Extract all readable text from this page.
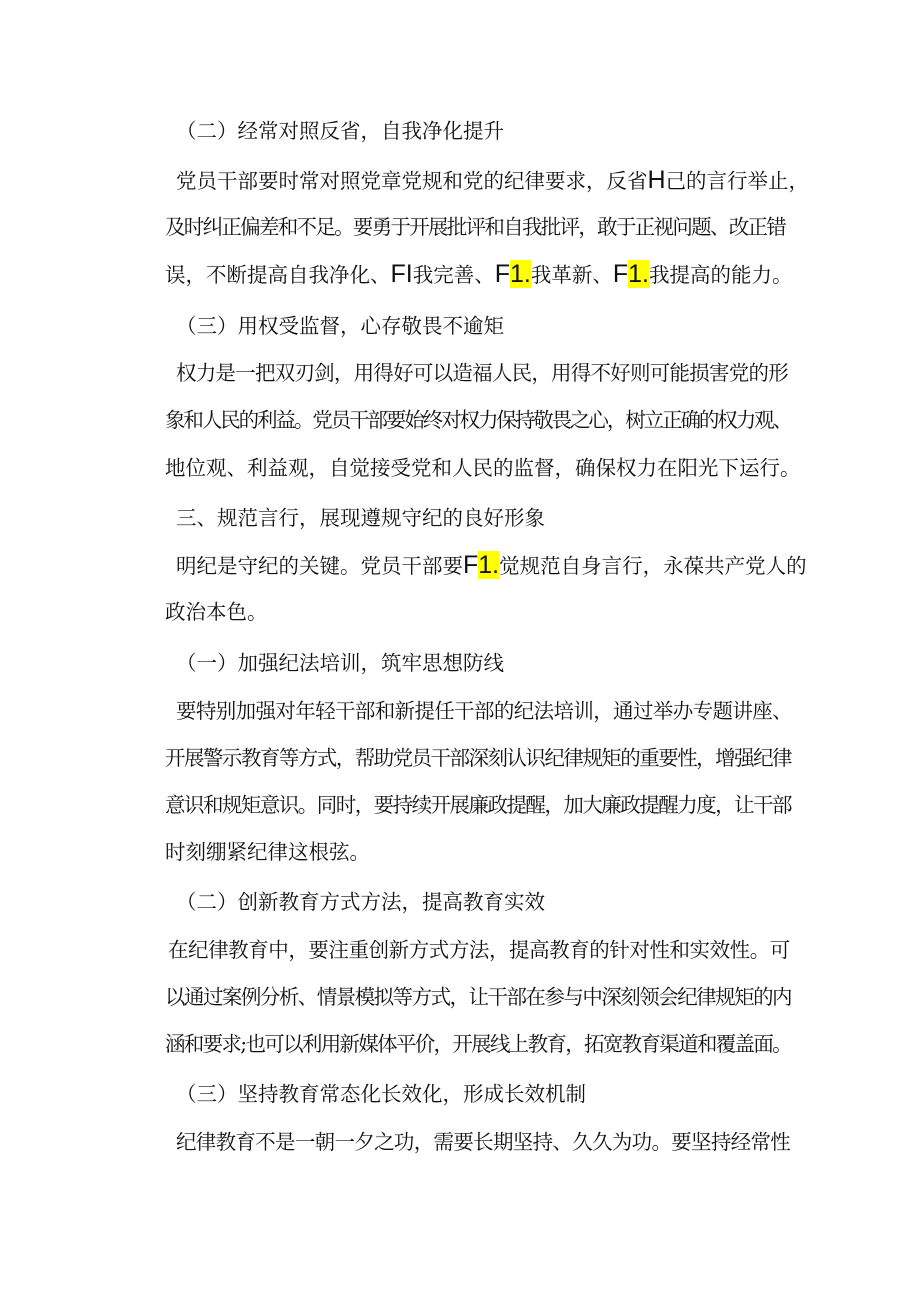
（二）经常对照反省，自我净化提升
党员干部要时常对照党章党规和党的纪律要求，反省H己的言行举止，
及时纠正偏差和不足。要勇于开展批评和自我批评，敢于正视问题、改正错
误，不断提高自我净化、FI我完善、F1.我革新、F1.我提高的能力。
（三）用权受监督，心存敬畏不逾矩
权力是一把双刃剑，用得好可以造福人民，用得不好则可能损害党的形
象和人民的利益。党员干部要始终对权力保持敬畏之心，树立正确的权力观、
地位观、利益观，自觉接受党和人民的监督，确保权力在阳光下运行。
三、规范言行，展现遵规守纪的良好形象
明纪是守纪的关键。党员干部要F1.觉规范自身言行，永葆共产党人的
政治本色。
（一）加强纪法培训，筑牢思想防线
要特别加强对年轻干部和新提任干部的纪法培训，通过举办专题讲座、
开展警示教育等方式，帮助党员干部深刻认识纪律规矩的重要性，增强纪律
意识和规矩意识。同时，要持续开展廉政提醒，加大廉政提醒力度，让干部
时刻绷紧纪律这根弦。
（二）创新教育方式方法，提高教育实效
在纪律教育中，要注重创新方式方法，提高教育的针对性和实效性。可
以通过案例分析、情景模拟等方式，让干部在参与中深刻领会纪律规矩的内
涵和要求;也可以利用新媒体平价，开展线上教育，拓宽教育渠道和覆盖面。
（三）坚持教育常态化长效化，形成长效机制
纪律教育不是一朝一夕之功，需要长期坚持、久久为功。要坚持经常性
